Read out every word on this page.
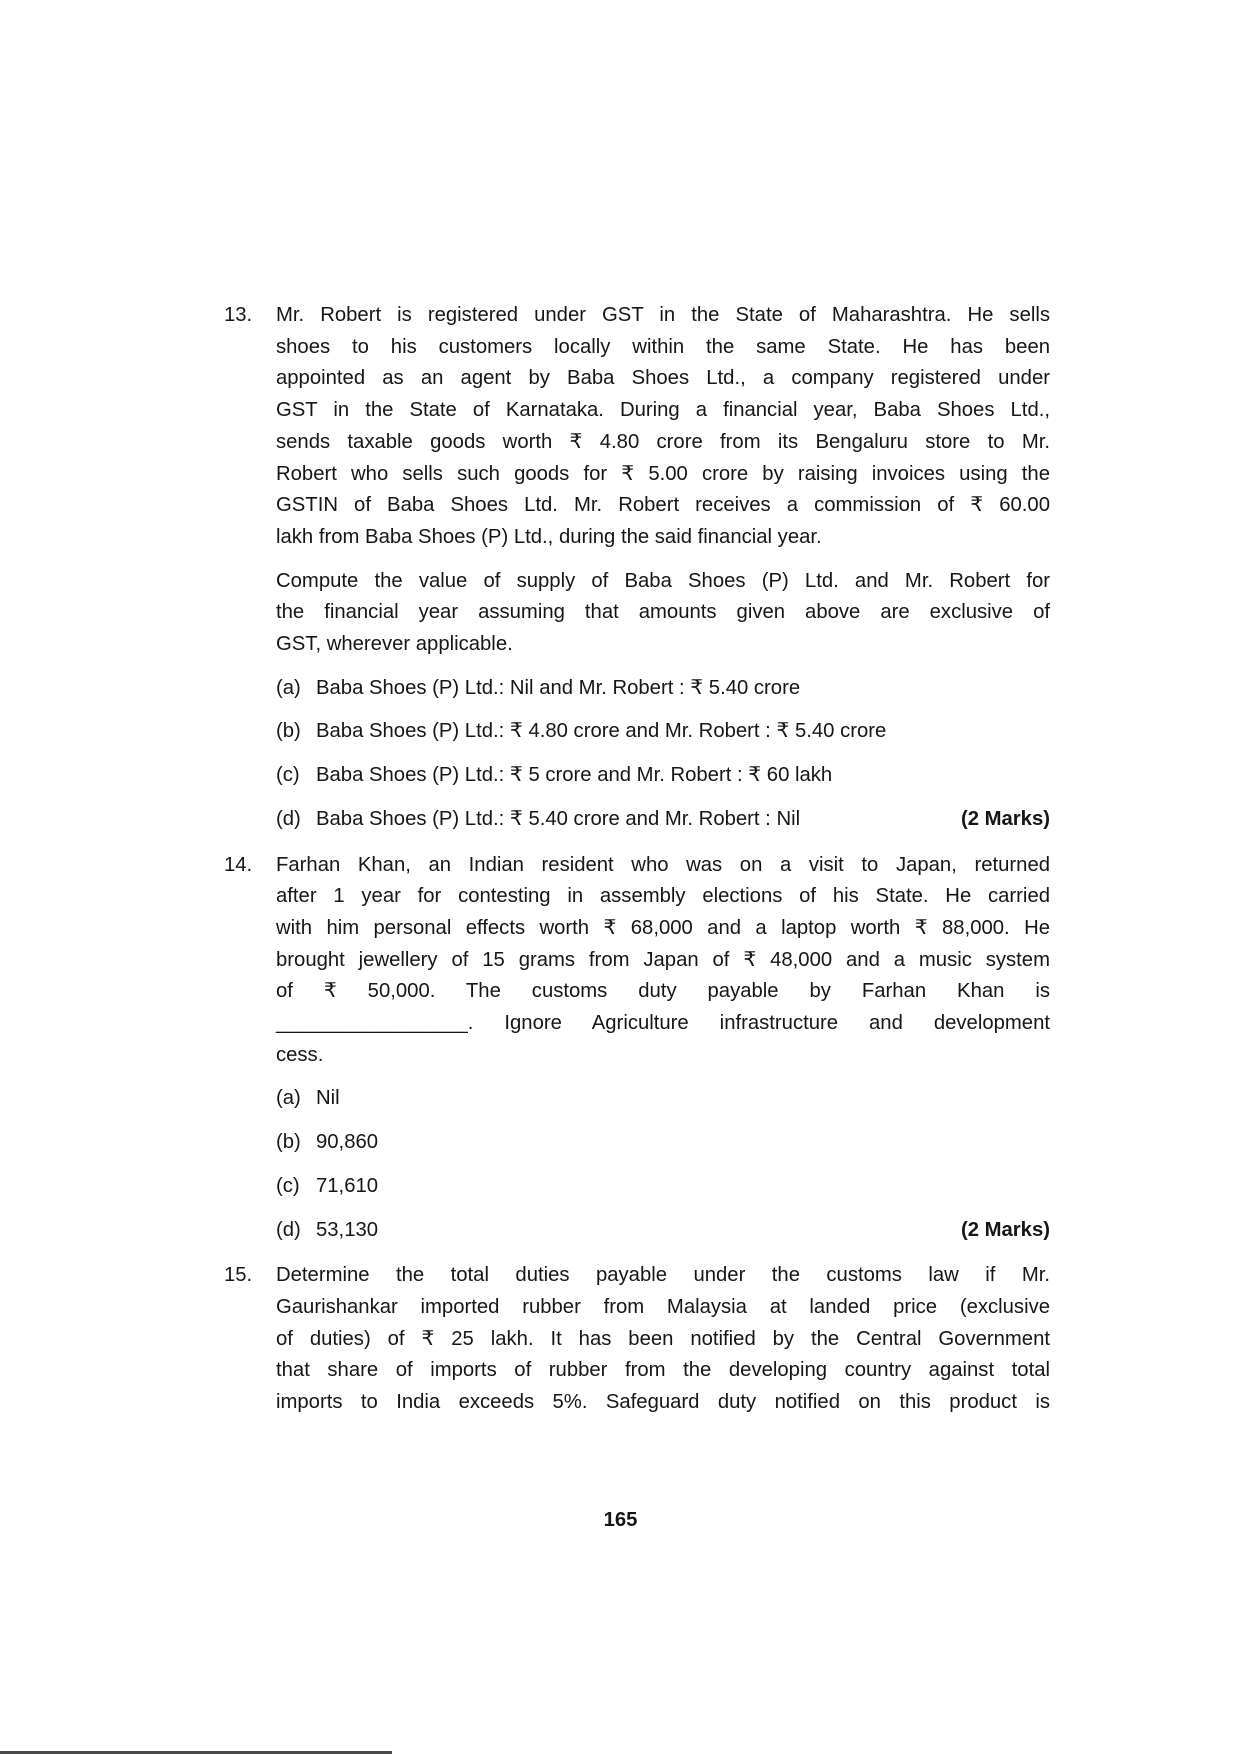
13.	Mr. Robert is registered under GST in the State of Maharashtra. He sells
shoes to his customers locally within the same State. He has been
appointed as an agent by Baba Shoes Ltd., a company registered under
GST in the State of Karnataka. During a financial year, Baba Shoes Ltd.,
sends taxable goods worth ₹ 4.80 crore from its Bengaluru store to Mr.
Robert who sells such goods for ₹ 5.00 crore by raising invoices using the
GSTIN of Baba Shoes Ltd. Mr. Robert receives a commission of ₹ 60.00
lakh from Baba Shoes (P) Ltd., during the said financial year.
Compute the value of supply of Baba Shoes (P) Ltd. and Mr. Robert for
the financial year assuming that amounts given above are exclusive of
GST, wherever applicable.
(a) Baba Shoes (P) Ltd.: Nil and Mr. Robert : ₹ 5.40 crore
(b) Baba Shoes (P) Ltd.: ₹ 4.80 crore and Mr. Robert : ₹ 5.40 crore
(c) Baba Shoes (P) Ltd.: ₹ 5 crore and Mr. Robert : ₹ 60 lakh
(d) Baba Shoes (P) Ltd.: ₹ 5.40 crore and Mr. Robert : Nil	(2 Marks)
14.	Farhan Khan, an Indian resident who was on a visit to Japan, returned
after 1 year for contesting in assembly elections of his State. He carried
with him personal effects worth ₹ 68,000 and a laptop worth ₹ 88,000. He
brought jewellery of 15 grams from Japan of ₹ 48,000 and a music system
of ₹ 50,000. The customs duty payable by Farhan Khan is
_________________. Ignore Agriculture infrastructure and development
cess.
(a) Nil
(b) 90,860
(c) 71,610
(d) 53,130	(2 Marks)
15.	Determine the total duties payable under the customs law if Mr.
Gaurishankar imported rubber from Malaysia at landed price (exclusive
of duties) of ₹ 25 lakh. It has been notified by the Central Government
that share of imports of rubber from the developing country against total
imports to India exceeds 5%. Safeguard duty notified on this product is
165
